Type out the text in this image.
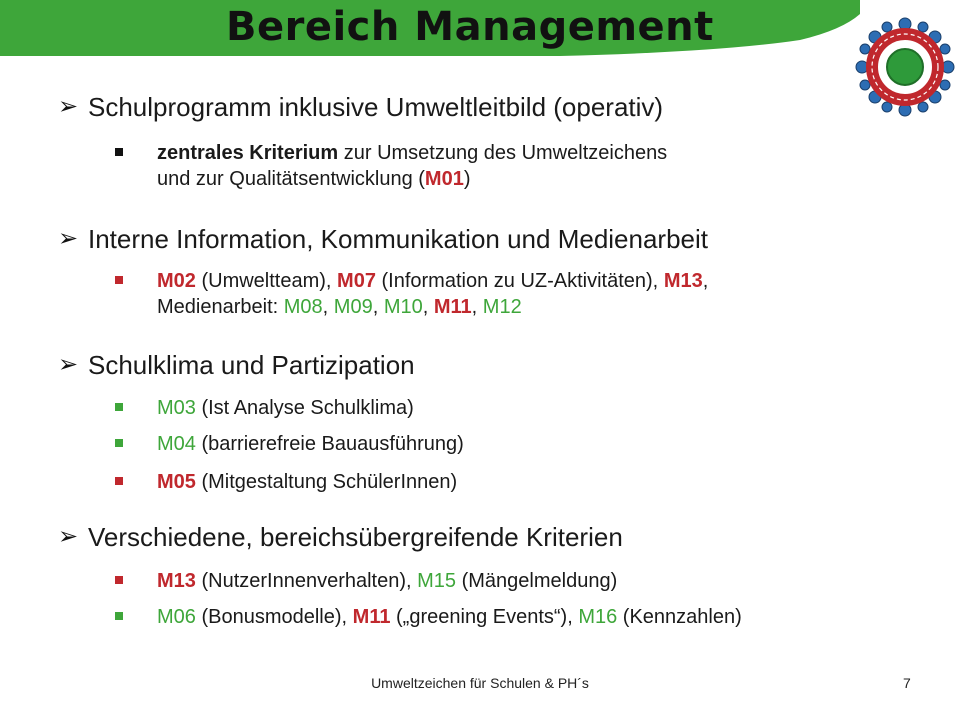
Bereich Management
➢ Schulprogramm inklusive Umweltleitbild (operativ)
zentrales Kriterium zur Umsetzung des Umweltzeichens
und zur Qualitätsentwicklung (M01)
➢ Interne Information, Kommunikation und Medienarbeit
M02 (Umweltteam), M07 (Information zu UZ-Aktivitäten), M13,
Medienarbeit: M08, M09, M10, M11, M12
➢ Schulklima und Partizipation
M03 (Ist Analyse Schulklima)
M04 (barrierefreie Bauausführung)
M05 (Mitgestaltung SchülerInnen)
➢ Verschiedene, bereichsübergreifende Kriterien
M13 (NutzerInnenverhalten), M15 (Mängelmeldung)
M06 (Bonusmodelle), M11 („greening Events“), M16 (Kennzahlen)
Umweltzeichen für Schulen & PH´s	7
